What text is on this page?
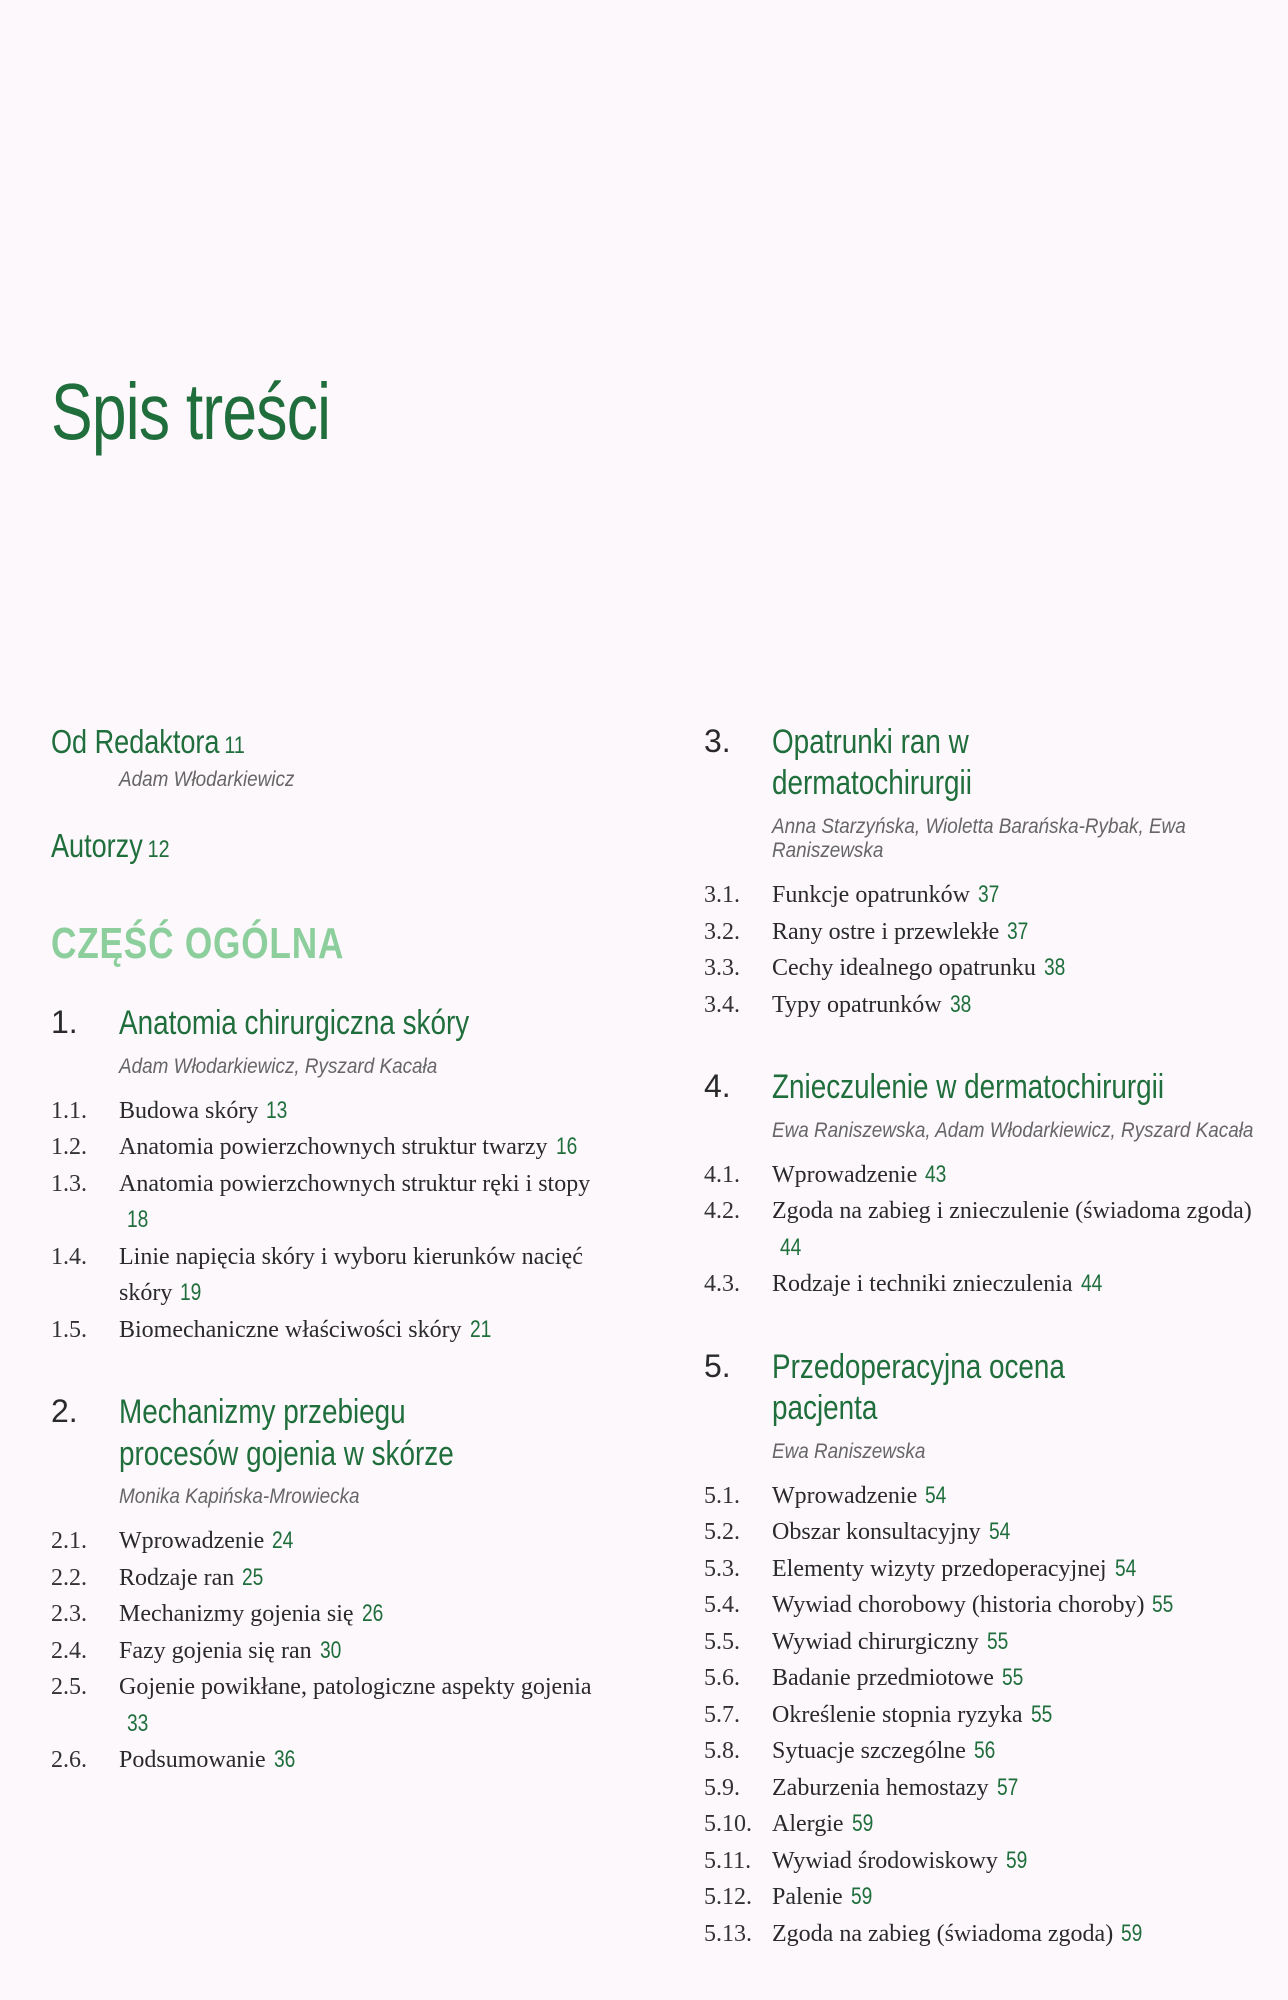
Spis treści
Od Redaktora 11
Adam Włodarkiewicz
Autorzy 12
CZĘŚĆ OGÓLNA
1.	Anatomia chirurgiczna skóry
Adam Włodarkiewicz, Ryszard Kacała
1.1.	Budowa skóry 13
1.2.	Anatomia powierzchownych struktur twarzy 16
1.3.	Anatomia powierzchownych struktur ręki i stopy18
1.4.	Linie napięcia skóry i wyboru kierunków nacięć skóry 19
1.5.	Biomechaniczne właściwości skóry 21
2.	Mechanizmy przebiegu procesów gojenia w skórze
Monika Kapińska-Mrowiecka
2.1.	Wprowadzenie 24
2.2.	Rodzaje ran 25
2.3.	Mechanizmy gojenia się 26
2.4.	Fazy gojenia się ran 30
2.5.	Gojenie powikłane, patologiczne aspekty gojenia33
2.6.	Podsumowanie 36
3.	Opatrunki ran w dermatochirurgii
Anna Starzyńska, Wioletta Barańska-Rybak, Ewa Raniszewska
3.1.	Funkcje opatrunków 37
3.2.	Rany ostre i przewlekłe 37
3.3.	Cechy idealnego opatrunku 38
3.4.	Typy opatrunków 38
4.	Znieczulenie w dermatochirurgii
Ewa Raniszewska, Adam Włodarkiewicz, Ryszard Kacała
4.1.	Wprowadzenie 43
4.2.	Zgoda na zabieg i znieczulenie (świadoma zgoda)44
4.3.	Rodzaje i techniki znieczulenia 44
5.	Przedoperacyjna ocena pacjenta
Ewa Raniszewska
5.1.	Wprowadzenie 54
5.2.	Obszar konsultacyjny 54
5.3.	Elementy wizyty przedoperacyjnej 54
5.4.	Wywiad chorobowy (historia choroby) 55
5.5.	Wywiad chirurgiczny 55
5.6.	Badanie przedmiotowe 55
5.7.	Określenie stopnia ryzyka 55
5.8.	Sytuacje szczególne 56
5.9.	Zaburzenia hemostazy 57
5.10. Alergie 59
5.11. Wywiad środowiskowy 59
5.12. Palenie 59
5.13. Zgoda na zabieg (świadoma zgoda) 59
